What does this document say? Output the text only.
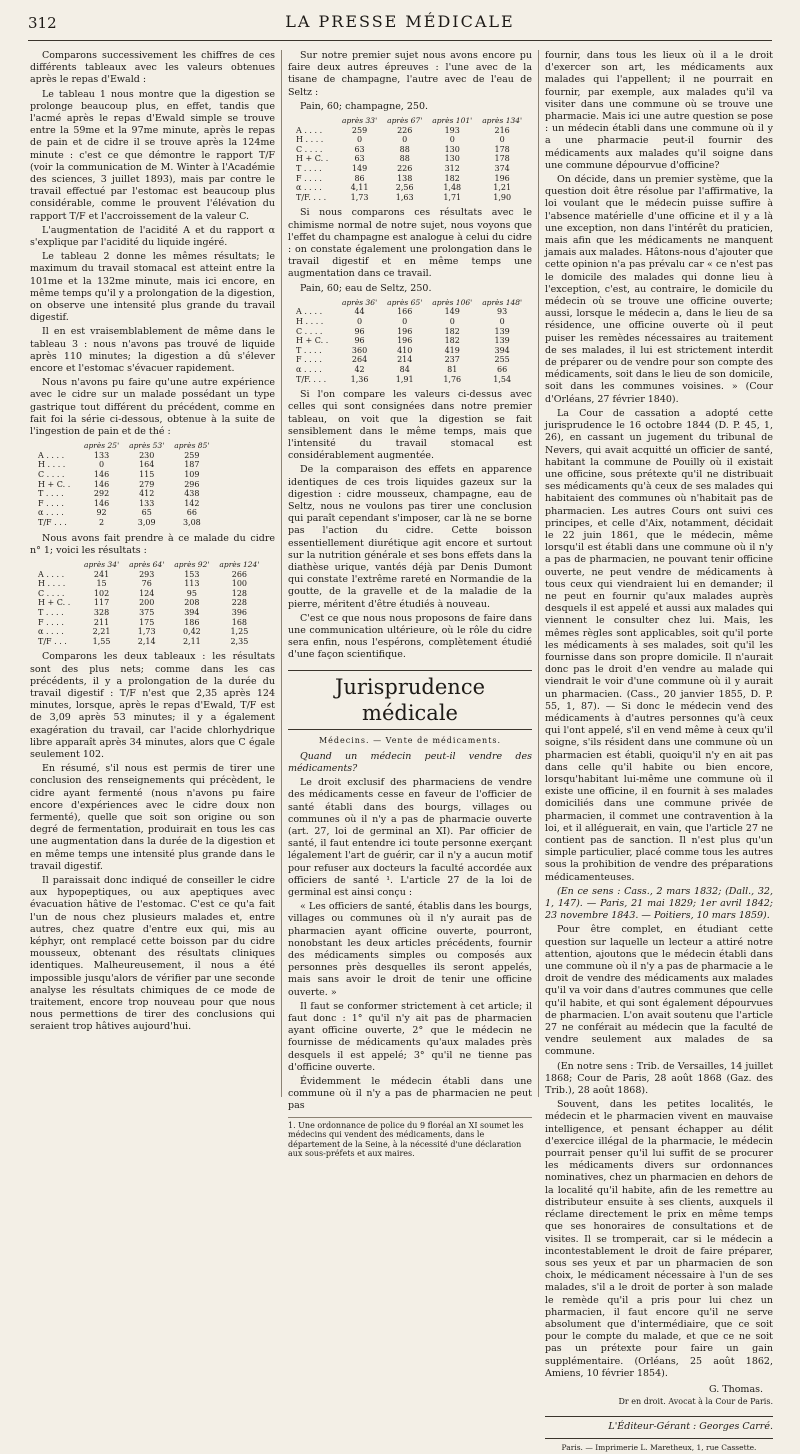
312	LA PRESSE MÉDICALE

Comparons successivement les chiffres de ces différents tableaux avec les valeurs obtenues après le repas d'Ewald :

Le tableau 1 nous montre que la digestion se prolonge beaucoup plus, en effet, tandis que l'acmé après le repas d'Ewald simple se trouve entre la 59me et la 97me minute, après le repas de pain et de cidre il se trouve après la 124me minute : c'est ce que démontre le rapport T/F (voir la communication de M. Winter à l'Académie des sciences, 3 juillet 1893), mais par contre le travail effectué par l'estomac est beaucoup plus considérable, comme le prouvent l'élévation du rapport T/F et l'accroissement de la valeur C.

L'augmentation de l'acidité A et du rapport α s'explique par l'acidité du liquide ingéré.

Le tableau 2 donne les mêmes résultats; le maximum du travail stomacal est atteint entre la 101me et la 132me minute, mais ici encore, en même temps qu'il y a prolongation de la digestion, on observe une intensité plus grande du travail digestif.

Il en est vraisemblablement de même dans le tableau 3 : nous n'avons pas trouvé de liquide après 110 minutes; la digestion a dû s'élever encore et l'estomac s'évacuer rapidement.

Nous n'avons pu faire qu'une autre expérience avec le cidre sur un malade possédant un type gastrique tout différent du précédent, comme en fait foi la série ci-dessous, obtenue à la suite de l'ingestion de pain et de thé :

	après 25'	après 53'	après 85'
A . . . .	133	230	259
H . . . .	0	164	187
C . . . .	146	115	109
H + C. .	146	279	296
T . . . .	292	412	438
F . . . .	146	133	142
α . . . .	92	65	66
T/F . . .	2	3,09	3,08

Nous avons fait prendre à ce malade du cidre n° 1; voici les résultats :

	après 34'	après 64'	après 92'	après 124'
A . . . .	241	293	153	266
H . . . .	15	76	113	100
C . . . .	102	124	95	128
H + C. .	117	200	208	228
T . . . .	328	375	394	396
F . . . .	211	175	186	168
α . . . .	2,21	1,73	0,42	1,25
T/F . . .	1,55	2,14	2,11	2,35

Comparons les deux tableaux : les résultats sont des plus nets; comme dans les cas précédents, il y a prolongation de la durée du travail digestif : T/F n'est que 2,35 après 124 minutes, lorsque, après le repas d'Ewald, T/F est de 3,09 après 53 minutes; il y a également exagération du travail, car l'acide chlorhydrique libre apparaît après 34 minutes, alors que C égale seulement 102.

En résumé, s'il nous est permis de tirer une conclusion des renseignements qui précèdent, le cidre ayant fermenté (nous n'avons pu faire encore d'expériences avec le cidre doux non fermenté), quelle que soit son origine ou son degré de fermentation, produirait en tous les cas une augmentation dans la durée de la digestion et en même temps une intensité plus grande dans le travail digestif.

Il paraissait donc indiqué de conseiller le cidre aux hypopeptiques, ou aux apeptiques avec évacuation hâtive de l'estomac. C'est ce qu'a fait l'un de nous chez plusieurs malades et, entre autres, chez quatre d'entre eux qui, mis au képhyr, ont remplacé cette boisson par du cidre mousseux, obtenant des résultats cliniques identiques. Malheureusement, il nous a été impossible jusqu'alors de vérifier par une seconde analyse les résultats chimiques de ce mode de traitement, encore trop nouveau pour que nous nous permettions de tirer des conclusions qui seraient trop hâtives aujourd'hui.

Sur notre premier sujet nous avons encore pu faire deux autres épreuves : l'une avec de la tisane de champagne, l'autre avec de l'eau de Seltz :

Pain, 60; champagne, 250.

	après 33'	après 67'	après 101'	après 134'
A . . . .	259	226	193	216
H . . . .	0	0	0	0
C . . . .	63	88	130	178
H + C. .	63	88	130	178
T . . . .	149	226	312	374
F . . . .	86	138	182	196
α . . . .	4,11	2,56	1,48	1,21
T/F. . . .	1,73	1,63	1,71	1,90

Si nous comparons ces résultats avec le chimisme normal de notre sujet, nous voyons que l'effet du champagne est analogue à celui du cidre : on constate également une prolongation dans le travail digestif et en même temps une augmentation dans ce travail.

Pain, 60; eau de Seltz, 250.

	après 36'	après 65'	après 106'	après 148'
A . . . .	44	166	149	93
H . . . .	0	0	0	0
C . . . .	96	196	182	139
H + C. .	96	196	182	139
T . . . .	360	410	419	394
F . . . .	264	214	237	255
α . . . .	42	84	81	66
T/F. . . .	1,36	1,91	1,76	1,54

Si l'on compare les valeurs ci-dessus avec celles qui sont consignées dans notre premier tableau, on voit que la digestion se fait sensiblement dans le même temps, mais que l'intensité du travail stomacal est considérablement augmentée.

De la comparaison des effets en apparence identiques de ces trois liquides gazeux sur la digestion : cidre mousseux, champagne, eau de Seltz, nous ne voulons pas tirer une conclusion qui paraît cependant s'imposer, car là ne se borne pas l'action du cidre. Cette boisson essentiellement diurétique agit encore et surtout sur la nutrition générale et ses bons effets dans la diathèse urique, vantés déjà par Denis Dumont qui constate l'extrême rareté en Normandie de la goutte, de la gravelle et de la maladie de la pierre, méritent d'être étudiés à nouveau.

C'est ce que nous nous proposons de faire dans une communication ultérieure, où le rôle du cidre sera enfin, nous l'espérons, complètement étudié d'une façon scientifique.

Jurisprudence médicale
Médecins. — Vente de médicaments.

Quand un médecin peut-il vendre des médicaments?

Le droit exclusif des pharmaciens de vendre des médicaments cesse en faveur de l'officier de santé établi dans des bourgs, villages ou communes où il n'y a pas de pharmacie ouverte (art. 27, loi de germinal an XI). Par officier de santé, il faut entendre ici toute personne exerçant légalement l'art de guérir, car il n'y a aucun motif pour refuser aux docteurs la faculté accordée aux officiers de santé ¹. L'article 27 de la loi de germinal est ainsi conçu :

« Les officiers de santé, établis dans les bourgs, villages ou communes où il n'y aurait pas de pharmacien ayant officine ouverte, pourront, nonobstant les deux articles précédents, fournir des médicaments simples ou composés aux personnes près desquelles ils seront appelés, mais sans avoir le droit de tenir une officine ouverte. »

Il faut se conformer strictement à cet article; il faut donc : 1° qu'il n'y ait pas de pharmacien ayant officine ouverte, 2° que le médecin ne fournisse de médicaments qu'aux malades près desquels il est appelé; 3° qu'il ne tienne pas d'officine ouverte.

Évidemment le médecin établi dans une commune où il n'y a pas de pharmacien ne peut pas

1. Une ordonnance de police du 9 floréal an XI soumet les médecins qui vendent des médicaments, dans le département de la Seine, à la nécessité d'une déclaration aux sous-préfets et aux maires.

fournir, dans tous les lieux où il a le droit d'exercer son art, les médicaments aux malades qui l'appellent; il ne pourrait en fournir, par exemple, aux malades qu'il va visiter dans une commune où se trouve une pharmacie. Mais ici une autre question se pose : un médecin établi dans une commune où il y a une pharmacie peut-il fournir des médicaments aux malades qu'il soigne dans une commune dépourvue d'officine?

On décide, dans un premier système, que la question doit être résolue par l'affirmative, la loi voulant que le médecin puisse suffire à l'absence matérielle d'une officine et il y a là une exception, non dans l'intérêt du praticien, mais afin que les médicaments ne manquent jamais aux malades. Hâtons-nous d'ajouter que cette opinion n'a pas prévalu car « ce n'est pas le domicile des malades qui donne lieu à l'exception, c'est, au contraire, le domicile du médecin où se trouve une officine ouverte; aussi, lorsque le médecin a, dans le lieu de sa résidence, une officine ouverte où il peut puiser les remèdes nécessaires au traitement de ses malades, il lui est strictement interdit de préparer ou de vendre pour son compte des médicaments, soit dans le lieu de son domicile, soit dans les communes voisines. » (Cour d'Orléans, 27 février 1840).

La Cour de cassation a adopté cette jurisprudence le 16 octobre 1844 (D. P. 45, 1, 26), en cassant un jugement du tribunal de Nevers, qui avait acquitté un officier de santé, habitant la commune de Pouilly où il existait une officine, sous prétexte qu'il ne distribuait ses médicaments qu'à ceux de ses malades qui habitaient des communes où n'habitait pas de pharmacien. Les autres Cours ont suivi ces principes, et celle d'Aix, notamment, décidait le 22 juin 1861, que le médecin, même lorsqu'il est établi dans une commune où il n'y a pas de pharmacien, ne pouvant tenir officine ouverte, ne peut vendre de médicaments à tous ceux qui viendraient lui en demander; il ne peut en fournir qu'aux malades auprès desquels il est appelé et aussi aux malades qui viennent le consulter chez lui. Mais, les mêmes règles sont applicables, soit qu'il porte les médicaments à ses malades, soit qu'il les fournisse dans son propre domicile. Il n'aurait donc pas le droit d'en vendre au malade qui viendrait le voir d'une commune où il y aurait un pharmacien. (Cass., 20 janvier 1855, D. P. 55, 1, 87). — Si donc le médecin vend des médicaments à d'autres personnes qu'à ceux qui l'ont appelé, s'il en vend même à ceux qu'il soigne, s'ils résident dans une commune où un pharmacien est établi, quoiqu'il n'y en ait pas dans celle qu'il habite ou bien encore, lorsqu'habitant lui-même une commune où il existe une officine, il en fournit à ses malades domiciliés dans une commune privée de pharmacien, il commet une contravention à la loi, et il alléguerait, en vain, que l'article 27 ne contient pas de sanction. Il n'est plus qu'un simple particulier, placé comme tous les autres sous la prohibition de vendre des préparations médicamenteuses.

(En ce sens : Cass., 2 mars 1832; (Dall., 32, 1, 147). — Paris, 21 mai 1829; 1er avril 1842; 23 novembre 1843. — Poitiers, 10 mars 1859).

Pour être complet, en étudiant cette question sur laquelle un lecteur a attiré notre attention, ajoutons que le médecin établi dans une commune où il n'y a pas de pharmacie a le droit de vendre des médicaments aux malades qu'il va voir dans d'autres communes que celle qu'il habite, et qui sont également dépourvues de pharmacien. L'on avait soutenu que l'article 27 ne conférait au médecin que la faculté de vendre seulement aux malades de sa commune.

(En notre sens : Trib. de Versailles, 14 juillet 1868; Cour de Paris, 28 août 1868 (Gaz. des Trib.), 28 août 1868).

Souvent, dans les petites localités, le médecin et le pharmacien vivent en mauvaise intelligence, et pensant échapper au délit d'exercice illégal de la pharmacie, le médecin pourrait penser qu'il lui suffit de se procurer les médicaments divers sur ordonnances nominatives, chez un pharmacien en dehors de la localité qu'il habite, afin de les remettre au distributeur ensuite à ses clients, auxquels il réclame directement le prix en même temps que ses honoraires de consultations et de visites. Il se tromperait, car si le médecin a incontestablement le droit de faire préparer, sous ses yeux et par un pharmacien de son choix, le médicament nécessaire à l'un de ses malades, s'il a le droit de porter à son malade le remède qu'il a pris pour lui chez un pharmacien, il faut encore qu'il ne serve absolument que d'intermédiaire, que ce soit pour le compte du malade, et que ce ne soit pas un prétexte pour faire un gain supplémentaire. (Orléans, 25 août 1862, Amiens, 10 février 1854).

G. Thomas.
Dr en droit. Avocat à la Cour de Paris.
L'Éditeur-Gérant : Georges Carré.
Paris. — Imprimerie L. Maretheux, 1, rue Cassette.
